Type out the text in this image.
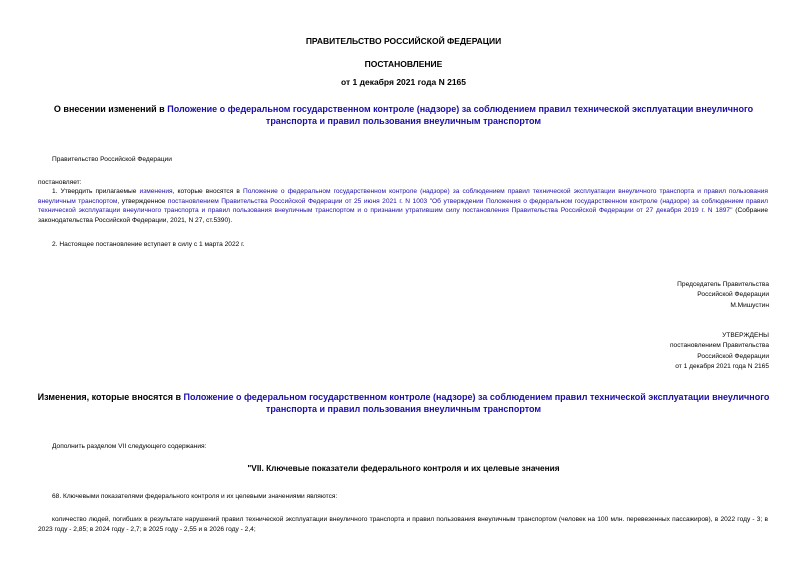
ПРАВИТЕЛЬСТВО РОССИЙСКОЙ ФЕДЕРАЦИИ
ПОСТАНОВЛЕНИЕ
от 1 декабря 2021 года N 2165
О внесении изменений в Положение о федеральном государственном контроле (надзоре) за соблюдением правил технической эксплуатации внеуличного транспорта и правил пользования внеуличным транспортом
Правительство Российской Федерации
постановляет:
1. Утвердить прилагаемые изменения, которые вносятся в Положение о федеральном государственном контроле (надзоре) за соблюдением правил технической эксплуатации внеуличного транспорта и правил пользования внеуличным транспортом, утвержденное постановлением Правительства Российской Федерации от 25 июня 2021 г. N 1003 "Об утверждении Положения о федеральном государственном контроле (надзоре) за соблюдением правил технической эксплуатации внеуличного транспорта и правил пользования внеуличным транспортом и о признании утратившим силу постановления Правительства Российской Федерации от 27 декабря 2019 г. N 1897" (Собрание законодательства Российской Федерации, 2021, N 27, ст.5390).
2. Настоящее постановление вступает в силу с 1 марта 2022 г.
Председатель Правительства
Российской Федерации
М.Мишустин
УТВЕРЖДЕНЫ
постановлением Правительства
Российской Федерации
от 1 декабря 2021 года N 2165
Изменения, которые вносятся в Положение о федеральном государственном контроле (надзоре) за соблюдением правил технической эксплуатации внеуличного транспорта и правил пользования внеуличным транспортом
Дополнить разделом VII следующего содержания:
"VII. Ключевые показатели федерального контроля и их целевые значения
68. Ключевыми показателями федерального контроля и их целевыми значениями являются:
количество людей, погибших в результате нарушений правил технической эксплуатации внеуличного транспорта и правил пользования внеуличным транспортом (человек на 100 млн. перевезенных пассажиров), в 2022 году - 3; в 2023 году - 2,85; в 2024 году - 2,7; в 2025 году - 2,55 и в 2026 году - 2,4;
